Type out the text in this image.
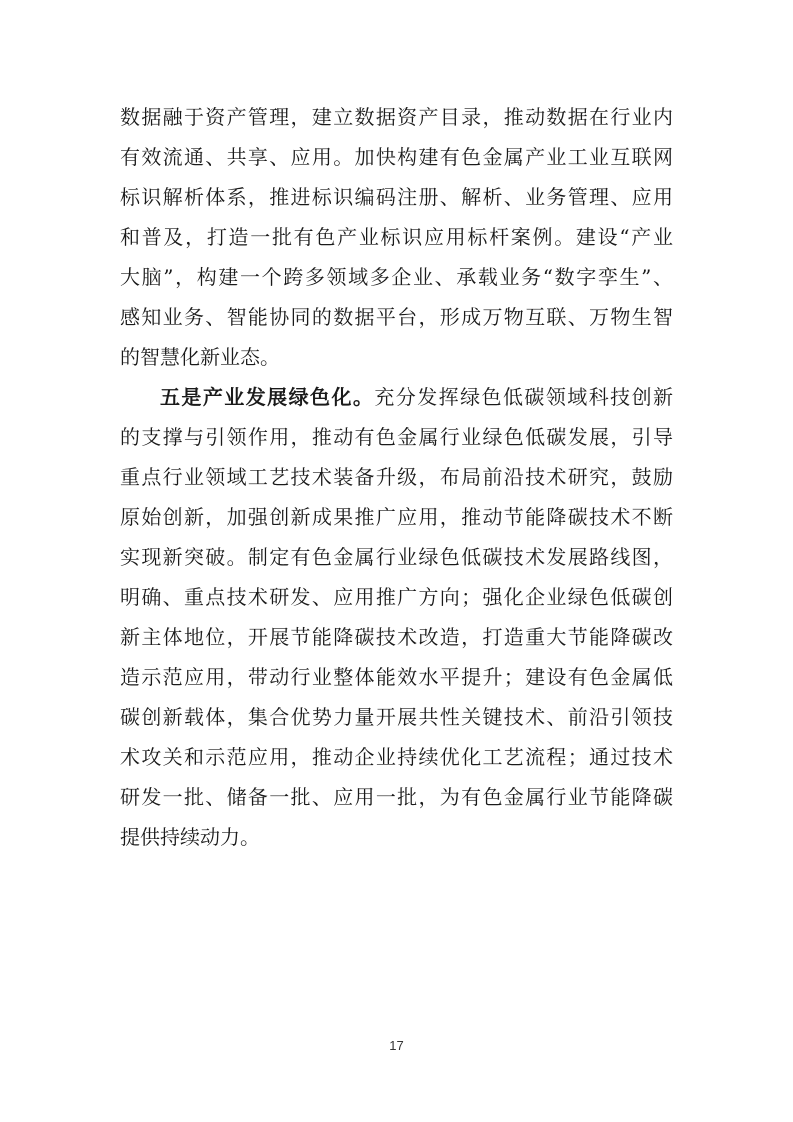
数据融于资产管理，建立数据资产目录，推动数据在行业内
有效流通、共享、应用。加快构建有色金属产业工业互联网
标识解析体系，推进标识编码注册、解析、业务管理、应用
和普及，打造一批有色产业标识应用标杆案例。建设“产业
大脑”，构建一个跨多领域多企业、承载业务“数字孪生”、
感知业务、智能协同的数据平台，形成万物互联、万物生智
的智慧化新业态。
五是产业发展绿色化。充分发挥绿色低碳领域科技创新
的支撑与引领作用，推动有色金属行业绿色低碳发展，引导
重点行业领域工艺技术装备升级，布局前沿技术研究，鼓励
原始创新，加强创新成果推广应用，推动节能降碳技术不断
实现新突破。制定有色金属行业绿色低碳技术发展路线图，
明确、重点技术研发、应用推广方向；强化企业绿色低碳创
新主体地位，开展节能降碳技术改造，打造重大节能降碳改
造示范应用，带动行业整体能效水平提升；建设有色金属低
碳创新载体，集合优势力量开展共性关键技术、前沿引领技
术攻关和示范应用，推动企业持续优化工艺流程；通过技术
研发一批、储备一批、应用一批，为有色金属行业节能降碳
提供持续动力。
17
